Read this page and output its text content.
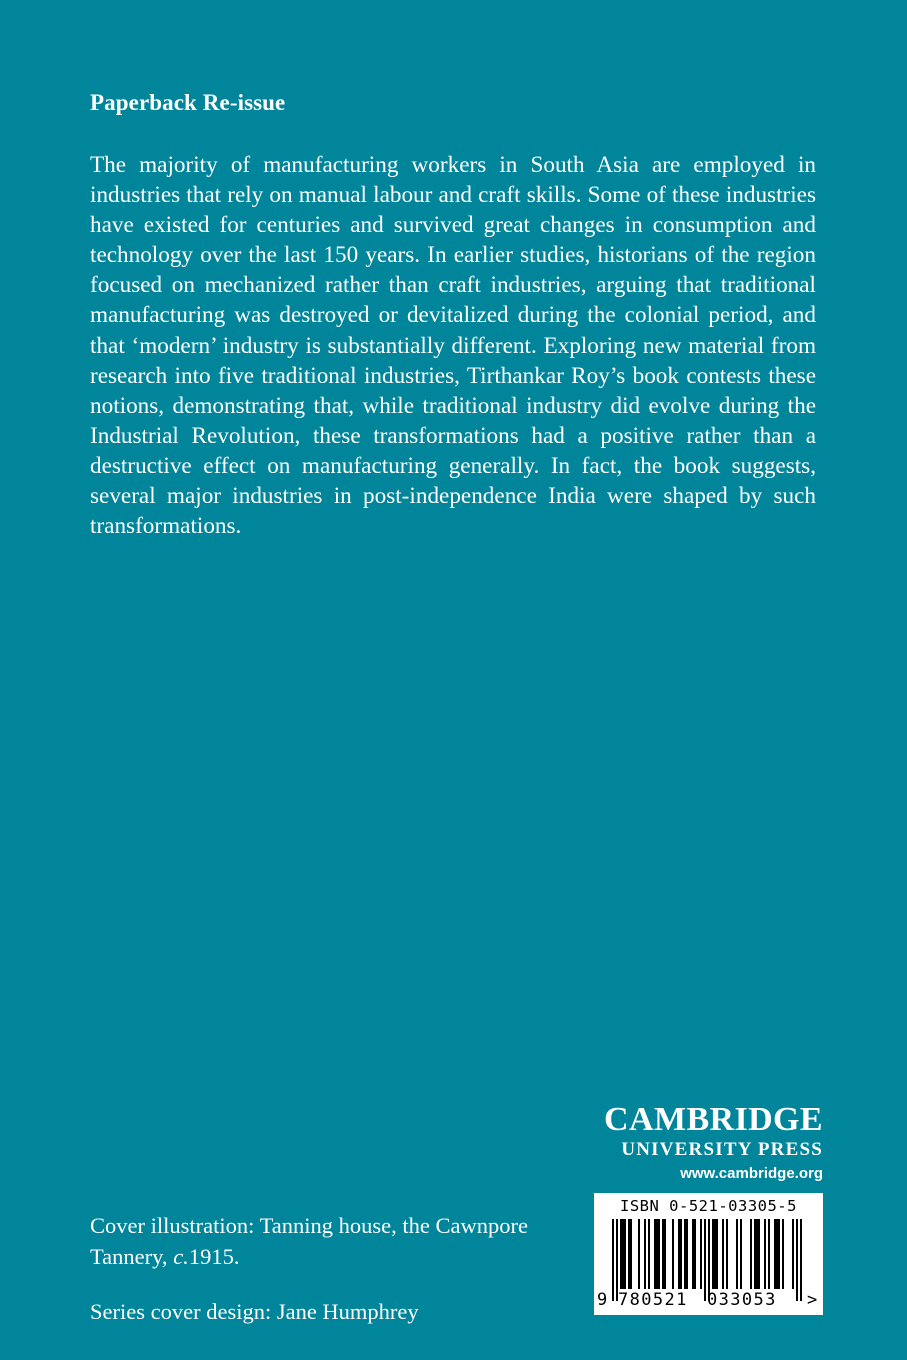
Paperback Re-issue

The majority of manufacturing workers in South Asia are employed in industries that rely on manual labour and craft skills. Some of these industries have existed for centuries and survived great changes in consumption and technology over the last 150 years. In earlier studies, historians of the region focused on mechanized rather than craft industries, arguing that traditional manufacturing was destroyed or devitalized during the colonial period, and that ‘modern’ industry is substantially different. Exploring new material from research into five traditional industries, Tirthankar Roy’s book contests these notions, demonstrating that, while traditional industry did evolve during the Industrial Revolution, these transformations had a positive rather than a destructive effect on manufacturing generally. In fact, the book suggests, several major industries in post-independence India were shaped by such transformations.

CAMBRIDGE
UNIVERSITY PRESS
www.cambridge.org

Cover illustration: Tanning house, the Cawnpore Tannery, c.1915.

Series cover design: Jane Humphrey

ISBN 0-521-03305-5
9 780521 033053 >
